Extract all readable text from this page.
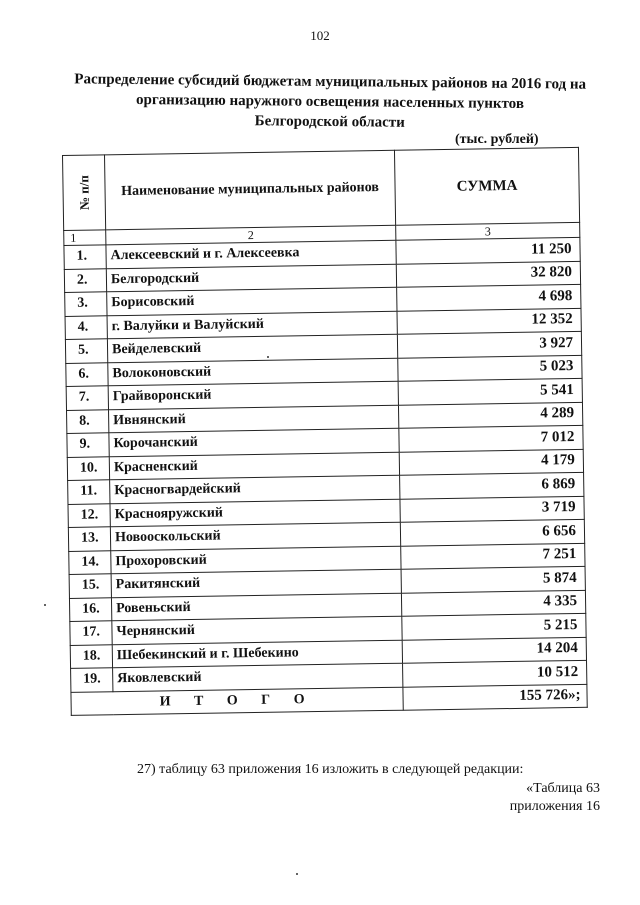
102
Распределение субсидий бюджетам муниципальных районов на 2016 год на
организацию наружного освещения населенных пунктов
Белгородской области
(тыс. рублей)
№ п/п	Наименование муниципальных районов	СУММА
1	2	3
1.	Алексеевский и г. Алексеевка	11 250
2.	Белгородский	32 820
3.	Борисовский	4 698
4.	г. Валуйки и Валуйский	12 352
5.	Вейделевский	3 927
6.	Волоконовский	5 023
7.	Грайворонский	5 541
8.	Ивнянский	4 289
9.	Корочанский	7 012
10.	Красненский	4 179
11.	Красногвардейский	6 869
12.	Краснояружский	3 719
13.	Новооскольский	6 656
14.	Прохоровский	7 251
15.	Ракитянский	5 874
16.	Ровеньский	4 335
17.	Чернянский	5 215
18.	Шебекинский и г. Шебекино	14 204
19.	Яковлевский	10 512
И Т О Г О		155 726»;
27) таблицу 63 приложения 16 изложить в следующей редакции:
«Таблица 63
приложения 16
